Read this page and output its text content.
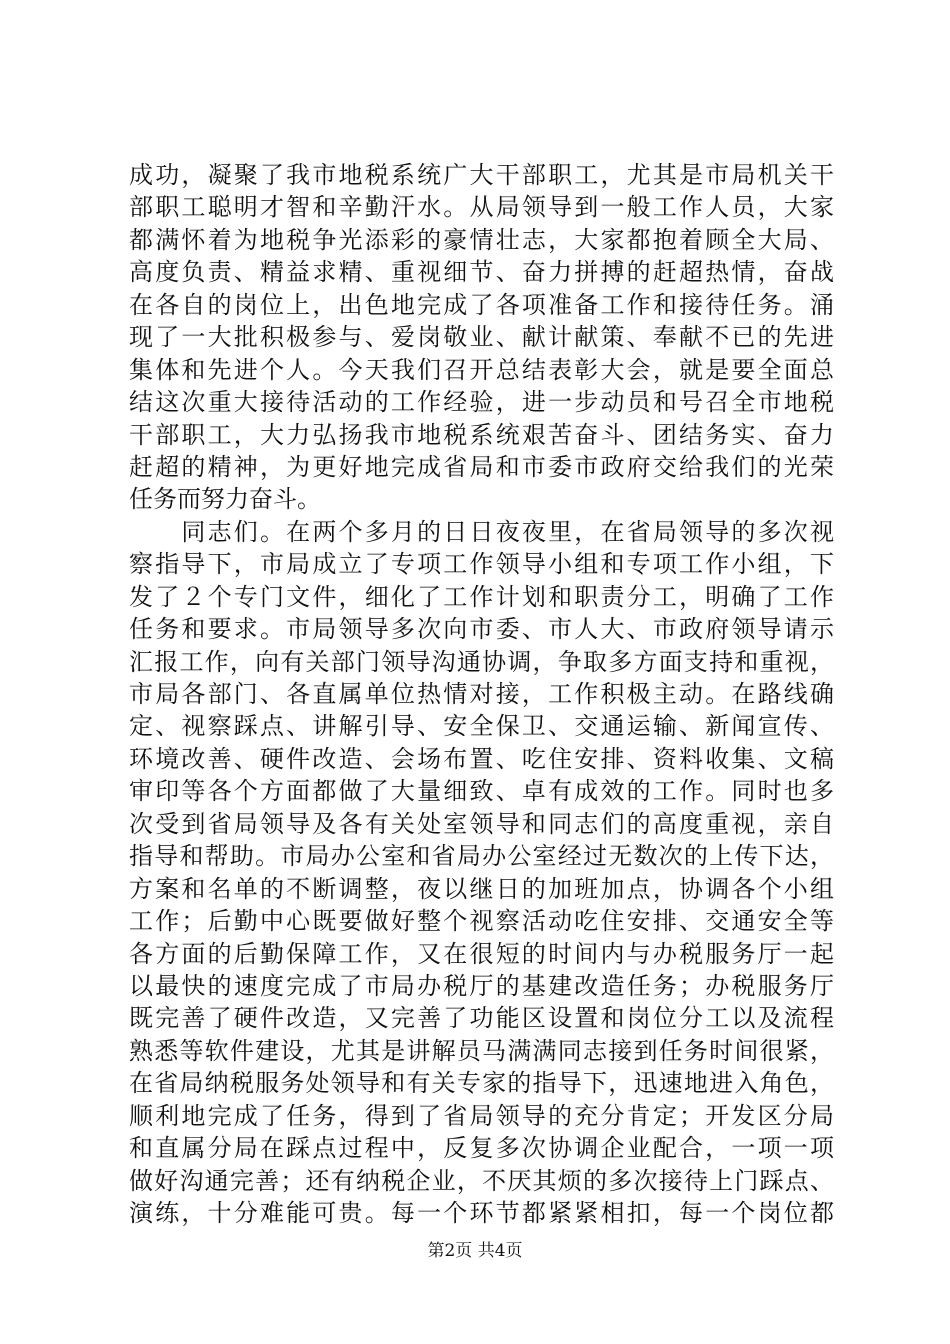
成功，凝聚了我市地税系统广大干部职工，尤其是市局机关干
部职工聪明才智和辛勤汗水。从局领导到一般工作人员，大家
都满怀着为地税争光添彩的豪情壮志，大家都抱着顾全大局、
高度负责、精益求精、重视细节、奋力拼搏的赶超热情，奋战
在各自的岗位上，出色地完成了各项准备工作和接待任务。涌
现了一大批积极参与、爱岗敬业、献计献策、奉献不已的先进
集体和先进个人。今天我们召开总结表彰大会，就是要全面总
结这次重大接待活动的工作经验，进一步动员和号召全市地税
干部职工，大力弘扬我市地税系统艰苦奋斗、团结务实、奋力
赶超的精神，为更好地完成省局和市委市政府交给我们的光荣
任务而努力奋斗。
　　同志们。在两个多月的日日夜夜里，在省局领导的多次视
察指导下，市局成立了专项工作领导小组和专项工作小组，下
发了２个专门文件，细化了工作计划和职责分工，明确了工作
任务和要求。市局领导多次向市委、市人大、市政府领导请示
汇报工作，向有关部门领导沟通协调，争取多方面支持和重视，
市局各部门、各直属单位热情对接，工作积极主动。在路线确
定、视察踩点、讲解引导、安全保卫、交通运输、新闻宣传、
环境改善、硬件改造、会场布置、吃住安排、资料收集、文稿
审印等各个方面都做了大量细致、卓有成效的工作。同时也多
次受到省局领导及各有关处室领导和同志们的高度重视，亲自
指导和帮助。市局办公室和省局办公室经过无数次的上传下达，
方案和名单的不断调整，夜以继日的加班加点，协调各个小组
工作；后勤中心既要做好整个视察活动吃住安排、交通安全等
各方面的后勤保障工作，又在很短的时间内与办税服务厅一起
以最快的速度完成了市局办税厅的基建改造任务；办税服务厅
既完善了硬件改造，又完善了功能区设置和岗位分工以及流程
熟悉等软件建设，尤其是讲解员马满满同志接到任务时间很紧，
在省局纳税服务处领导和有关专家的指导下，迅速地进入角色，
顺利地完成了任务，得到了省局领导的充分肯定；开发区分局
和直属分局在踩点过程中，反复多次协调企业配合，一项一项
做好沟通完善；还有纳税企业，不厌其烦的多次接待上门踩点、
演练，十分难能可贵。每一个环节都紧紧相扣，每一个岗位都
第2页 共4页
